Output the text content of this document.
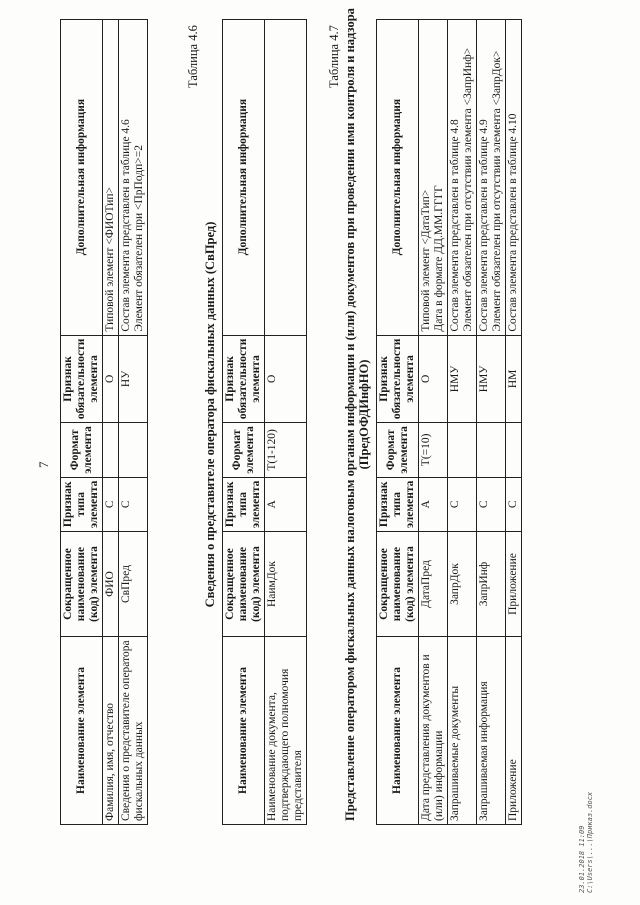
7
Наименование элемента	Сокращенное наименование (код) элемента	Признак типа элемента	Формат элемента	Признак обязательности элемента	Дополнительная информация
Фамилия, имя, отчество	ФИО	С		О	Типовой элемент <ФИОТип>
Сведения о представителе оператора фискальных данных	СвПред	С		НУ	Состав элемента представлен в таблице 4.6
Элемент обязателен при <ПрПодп>=2
Таблица 4.6
Сведения о представителе оператора фискальных данных (СвПред)
Наименование элемента	Сокращенное наименование (код) элемента	Признак типа элемента	Формат элемента	Признак обязательности элемента	Дополнительная информация
Наименование документа, подтверждающего полномочия представителя	НаимДок	А	T(1-120)	О	
Таблица 4.7 Представление оператором фискальных данных налоговым органам информации и (или) документов при проведении ими контроля и надзора (ПредОФДИнфНО)
Наименование элемента	Сокращенное наименование (код) элемента	Признак типа элемента	Формат элемента	Признак обязательности элемента	Дополнительная информация
Дата представления документов и (или) информации	ДатаПред	А	T(=10)	О	Типовой элемент <ДатаТип>
Дата в формате ДД.ММ.ГГГГ
Запрашиваемые документы	ЗапрДок	С		НМУ	Состав элемента представлен в таблице 4.8
Элемент обязателен при отсутствии элемента <ЗапрИнф>
Запрашиваемая информация	ЗапрИнф	С		НМУ	Состав элемента представлен в таблице 4.9
Элемент обязателен при отсутствии элемента <ЗапрДок>
Приложение	Приложение	С		НМ	Состав элемента представлен в таблице 4.10
23.01.2018 11:09 C:\Users\...\Приказ.docx
